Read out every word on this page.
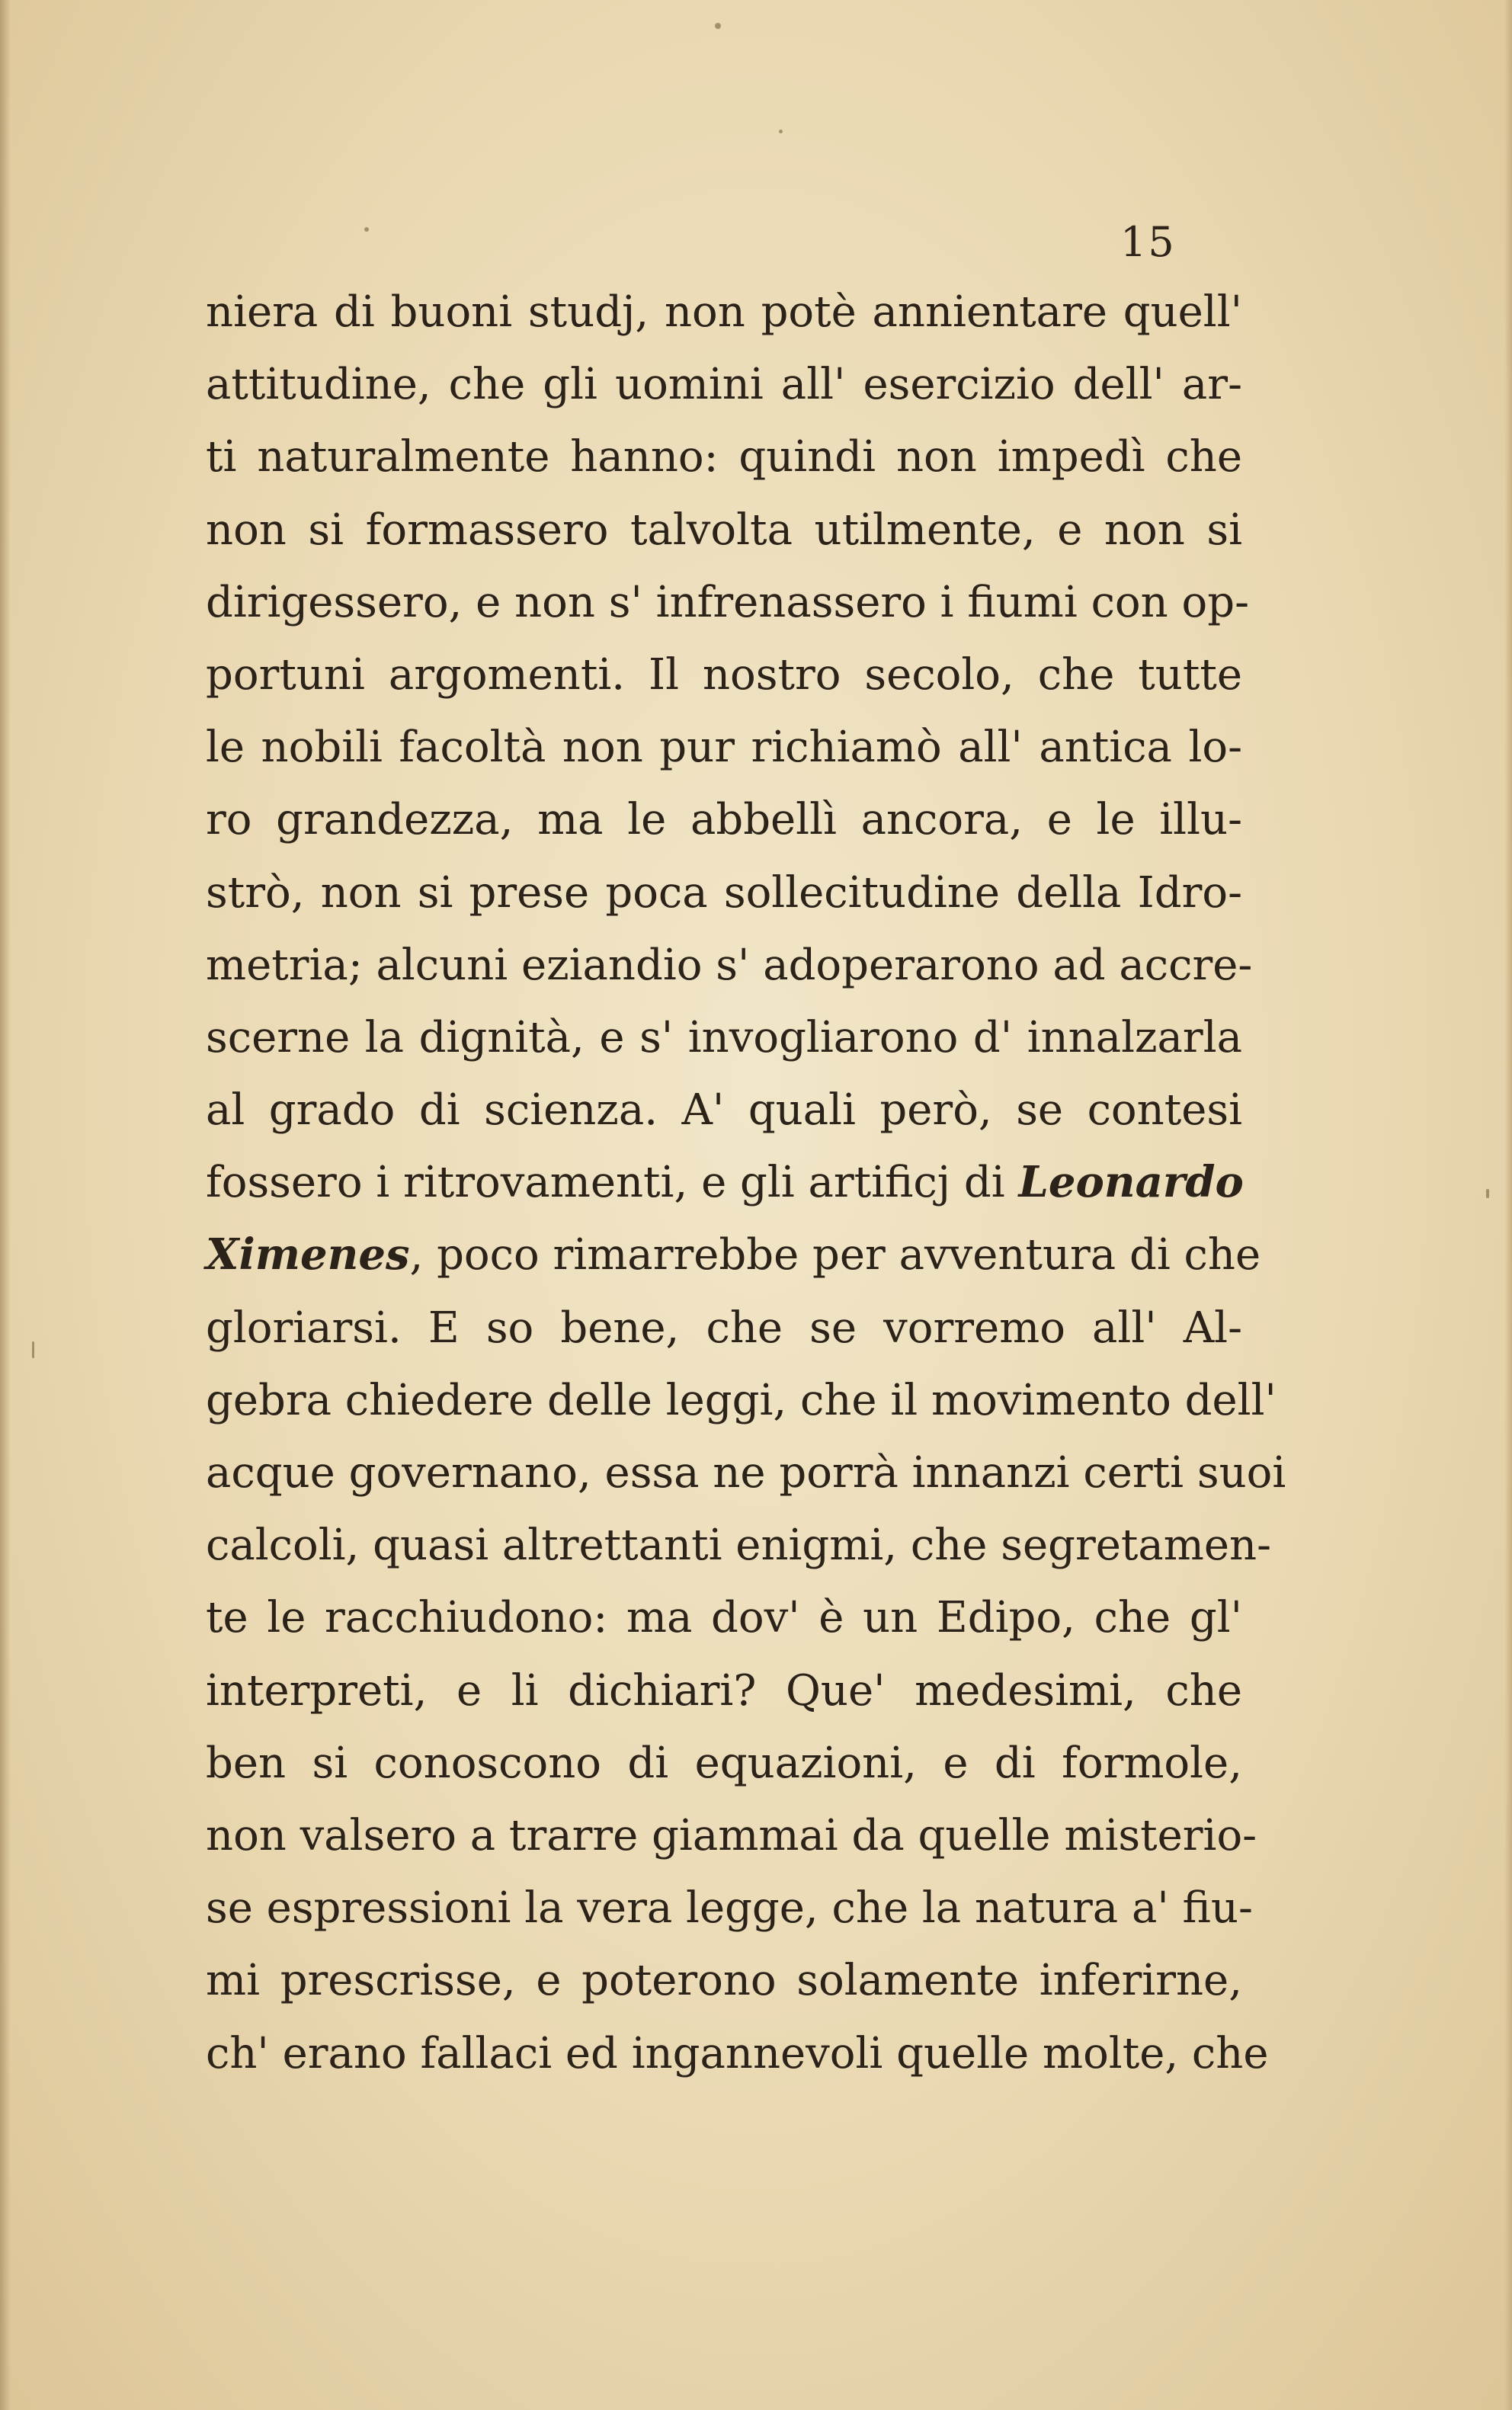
15
niera di buoni studj, non potè annientare quell'
attitudine, che gli uomini all' esercizio dell' ar-
ti naturalmente hanno: quindi non impedì che
non si formassero talvolta utilmente, e non si
dirigessero, e non s' infrenassero i fiumi con op-
portuni argomenti. Il nostro secolo, che tutte
le nobili facoltà non pur richiamò all' antica lo-
ro grandezza, ma le abbellì ancora, e le illu-
strò, non si prese poca sollecitudine della Idro-
metria; alcuni eziandio s' adoperarono ad accre-
scerne la dignità, e s' invogliarono d' innalzarla
al grado di scienza. A' quali però, se contesi
fossero i ritrovamenti, e gli artificj di Leonardo
Ximenes, poco rimarrebbe per avventura di che
gloriarsi. E so bene, che se vorremo all' Al-
gebra chiedere delle leggi, che il movimento dell'
acque governano, essa ne porrà innanzi certi suoi
calcoli, quasi altrettanti enigmi, che segretamen-
te le racchiudono: ma dov' è un Edipo, che gl'
interpreti, e li dichiari? Que' medesimi, che
ben si conoscono di equazioni, e di formole,
non valsero a trarre giammai da quelle misterio-
se espressioni la vera legge, che la natura a' fiu-
mi prescrisse, e poterono solamente inferirne,
ch' erano fallaci ed ingannevoli quelle molte, che
